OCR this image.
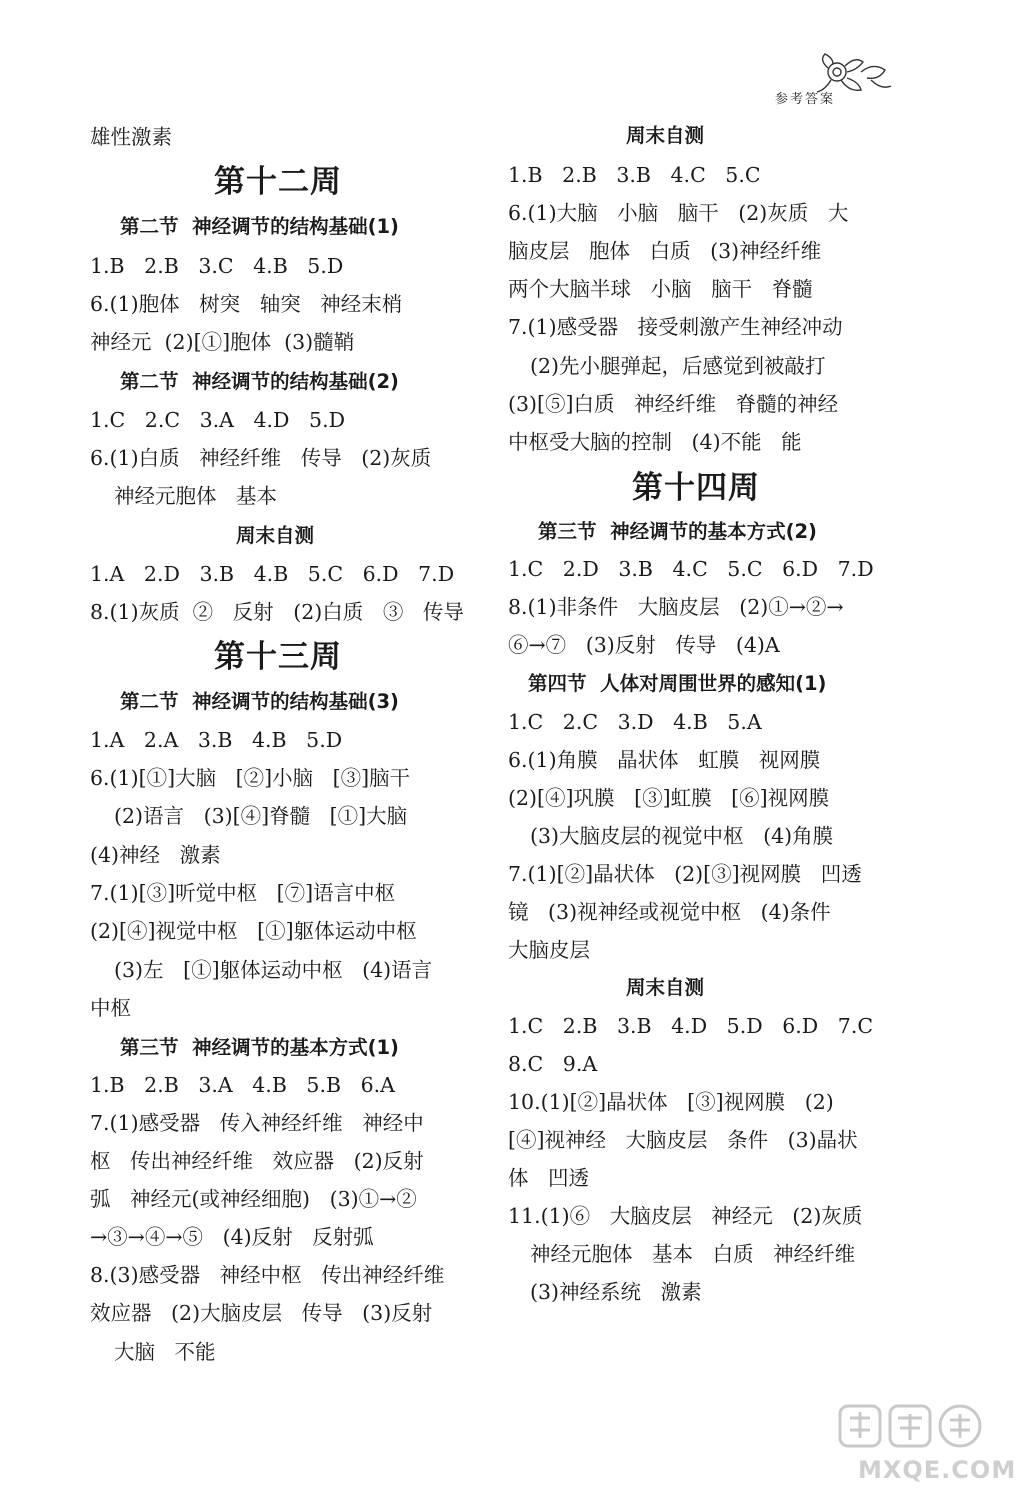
参考答案
雄性激素
第十二周
第二节  神经调节的结构基础(1)
1.B   2.B   3.C   4.B   5.D
6.(1)胞体   树突   轴突   神经末梢
神经元  (2)[①]胞体  (3)髓鞘
第二节  神经调节的结构基础(2)
1.C   2.C   3.A   4.D   5.D
6.(1)白质   神经纤维   传导   (2)灰质
神经元胞体   基本
周末自测
1.A   2.D   3.B   4.B   5.C   6.D   7.D
8.(1)灰质  ②   反射   (2)白质   ③   传导
第十三周
第二节  神经调节的结构基础(3)
1.A   2.A   3.B   4.B   5.D
6.(1)[①]大脑   [②]小脑   [③]脑干
(2)语言   (3)[④]脊髓   [①]大脑
(4)神经   激素
7.(1)[③]听觉中枢   [⑦]语言中枢
(2)[④]视觉中枢   [①]躯体运动中枢
(3)左   [①]躯体运动中枢   (4)语言
中枢
第三节  神经调节的基本方式(1)
1.B   2.B   3.A   4.B   5.B   6.A
7.(1)感受器   传入神经纤维   神经中
枢   传出神经纤维   效应器   (2)反射
弧   神经元(或神经细胞)   (3)①→②
→③→④→⑤   (4)反射   反射弧
8.(3)感受器   神经中枢   传出神经纤维
效应器   (2)大脑皮层   传导   (3)反射
大脑   不能
周末自测
1.B   2.B   3.B   4.C   5.C
6.(1)大脑   小脑   脑干   (2)灰质   大
脑皮层   胞体   白质   (3)神经纤维
两个大脑半球   小脑   脑干   脊髓
7.(1)感受器   接受刺激产生神经冲动
(2)先小腿弹起，后感觉到被敲打
(3)[⑤]白质   神经纤维   脊髓的神经
中枢受大脑的控制   (4)不能   能
第十四周
第三节  神经调节的基本方式(2)
1.C   2.D   3.B   4.C   5.C   6.D   7.D
8.(1)非条件   大脑皮层   (2)①→②→
⑥→⑦   (3)反射   传导   (4)A
第四节  人体对周围世界的感知(1)
1.C   2.C   3.D   4.B   5.A
6.(1)角膜   晶状体   虹膜   视网膜
(2)[④]巩膜   [③]虹膜   [⑥]视网膜
(3)大脑皮层的视觉中枢   (4)角膜
7.(1)[②]晶状体   (2)[③]视网膜   凹透
镜   (3)视神经或视觉中枢   (4)条件
大脑皮层
周末自测
1.C   2.B   3.B   4.D   5.D   6.D   7.C
8.C   9.A
10.(1)[②]晶状体   [③]视网膜   (2)
[④]视神经   大脑皮层   条件   (3)晶状
体   凹透
11.(1)⑥   大脑皮层   神经元   (2)灰质
神经元胞体   基本   白质   神经纤维
(3)神经系统   激素
MXQE.COM
